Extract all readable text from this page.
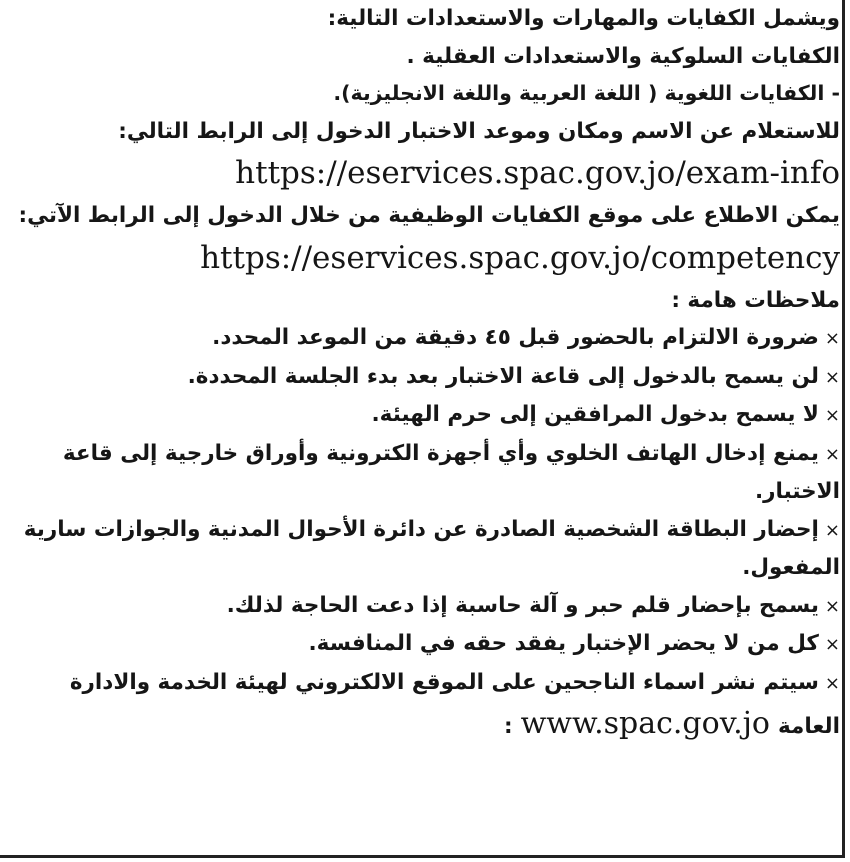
ويشمل الكفايات والمهارات والاستعدادات التالية:
الكفايات السلوكية والاستعدادات العقلية .
- الكفايات اللغوية ( اللغة العربية واللغة الانجليزية).
للاستعلام عن الاسم ومكان وموعد الاختبار الدخول إلى الرابط التالي:
https://eservices.spac.gov.jo/exam-info
يمكن الاطلاع على موقع الكفايات الوظيفية من خلال الدخول إلى الرابط الآتي:
https://eservices.spac.gov.jo/competency
ملاحظات هامة :
×ضرورة الالتزام بالحضور قبل ٤٥ دقيقة من الموعد المحدد.
×لن يسمح بالدخول إلى قاعة الاختبار بعد بدء الجلسة المحددة.
×لا يسمح بدخول المرافقين إلى حرم الهيئة.
×يمنع إدخال الهاتف الخلوي وأي أجهزة الكترونية وأوراق خارجية إلى قاعة
الاختبار.
×إحضار البطاقة الشخصية الصادرة عن دائرة الأحوال المدنية والجوازات سارية
المفعول.
×يسمح بإحضار قلم حبر و آلة حاسبة إذا دعت الحاجة لذلك.
×كل من لا يحضر الإختبار يفقد حقه في المنافسة.
×سيتم نشر اسماء الناجحين على الموقع الالكتروني لهيئة الخدمة والادارة
العامةwww.spac.gov.jo:
